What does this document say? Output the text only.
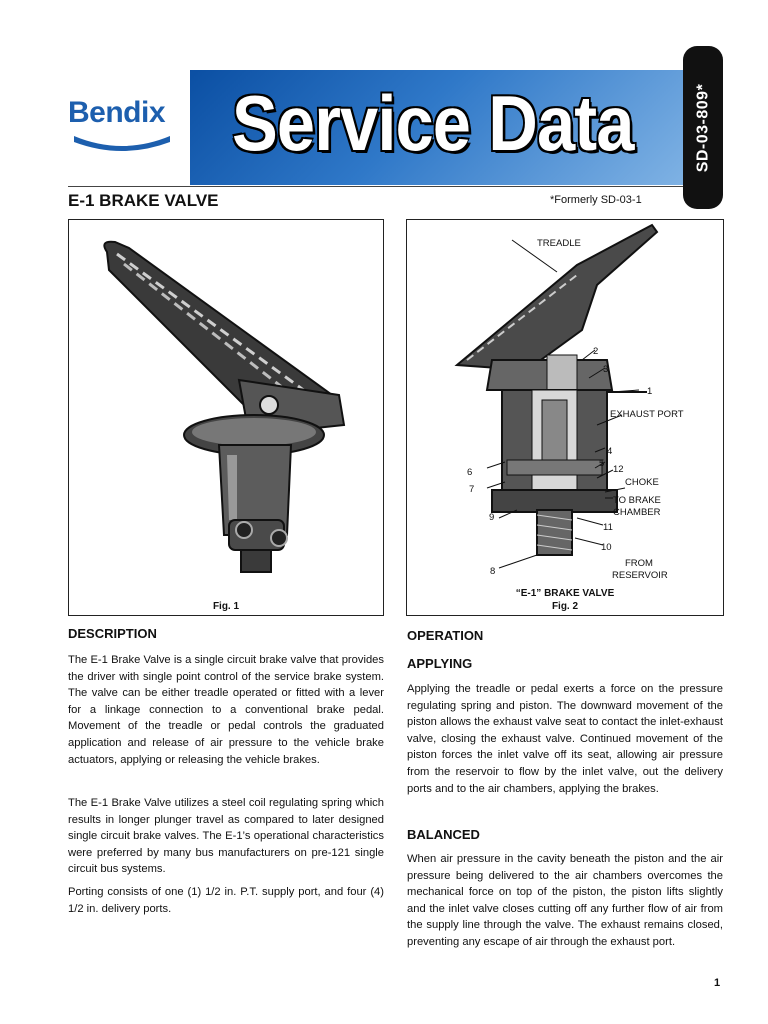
Bendix Service Data	SD-03-809*
E-1 BRAKE VALVE	*Formerly SD-03-1
Fig. 1
TREADLE
2
3
1
EXHAUST PORT
4
5
12
CHOKE
TO BRAKE
CHAMBER
6
7
9
11
10
FROM
RESERVOIR
8
“E-1” BRAKE VALVE
Fig. 2
DESCRIPTION
The E-1 Brake Valve is a single circuit brake valve that provides the driver with single point control of the service brake system. The valve can be either treadle operated or fitted with a lever for a linkage connection to a conventional brake pedal. Movement of the treadle or pedal controls the graduated application and release of air pressure to the vehicle brake actuators, applying or releasing the vehicle brakes.
The E-1 Brake Valve utilizes a steel coil regulating spring which results in longer plunger travel as compared to later designed single circuit brake valves. The E-1’s operational characteristics were preferred by many bus manufacturers on pre-121 single circuit bus systems.
Porting consists of one (1) 1/2 in. P.T. supply port, and four (4) 1/2 in. delivery ports.
OPERATION
APPLYING
Applying the treadle or pedal exerts a force on the pressure regulating spring and piston. The downward movement of the piston allows the exhaust valve seat to contact the inlet-exhaust valve, closing the exhaust valve. Continued movement of the piston forces the inlet valve off its seat, allowing air pressure from the reservoir to flow by the inlet valve, out the delivery ports and to the air chambers, applying the brakes.
BALANCED
When air pressure in the cavity beneath the piston and the air pressure being delivered to the air chambers overcomes the mechanical force on top of the piston, the piston lifts slightly and the inlet valve closes cutting off any further flow of air from the supply line through the valve. The exhaust remains closed, preventing any escape of air through the exhaust port.
1
